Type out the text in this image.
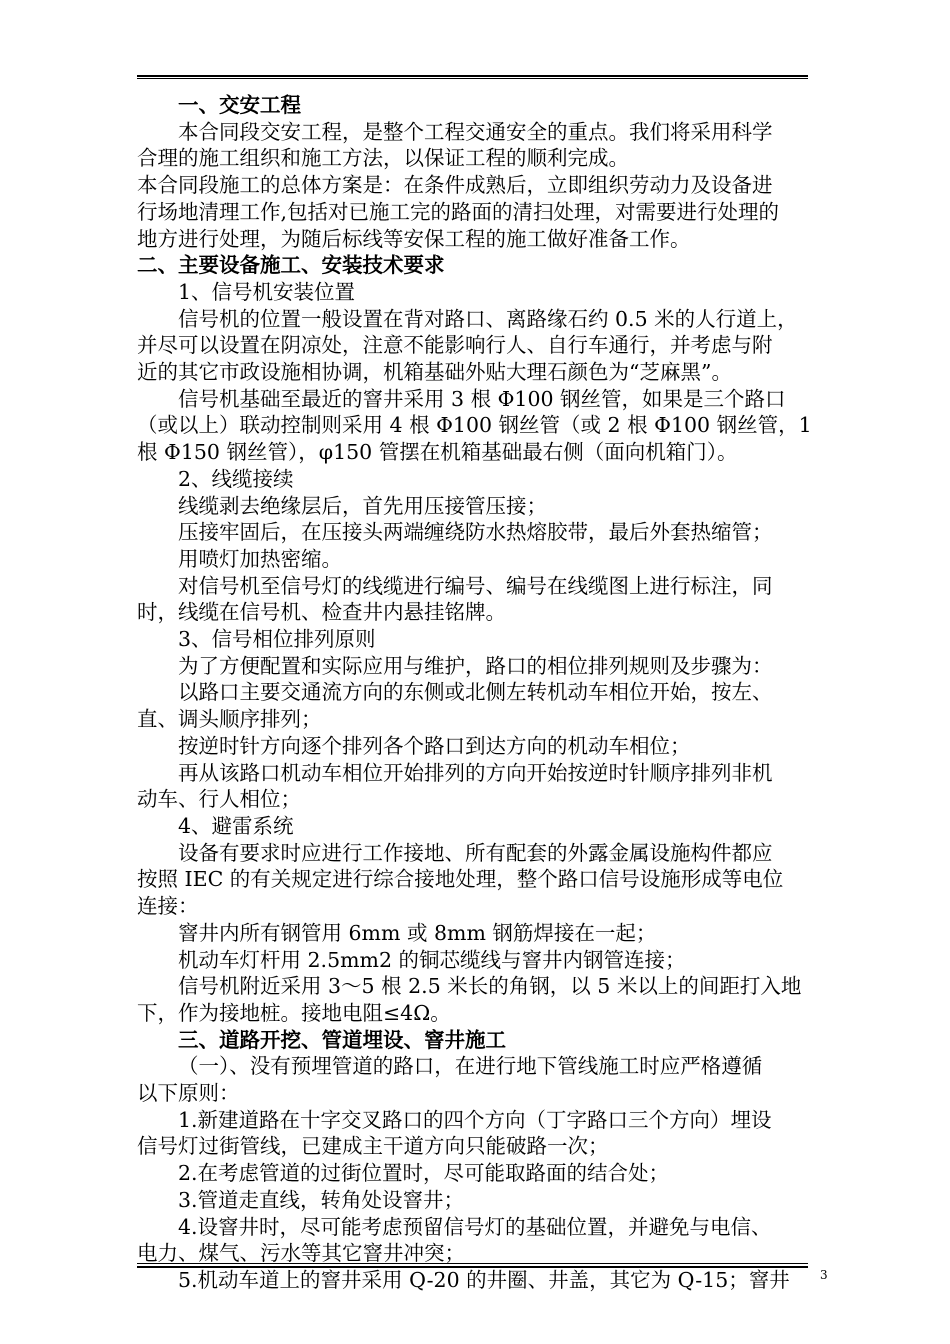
一、交安工程
本合同段交安工程，是整个工程交通安全的重点。我们将采用科学
合理的施工组织和施工方法，以保证工程的顺利完成。
本合同段施工的总体方案是：在条件成熟后，立即组织劳动力及设备进
行场地清理工作,包括对已施工完的路面的清扫处理，对需要进行处理的
地方进行处理，为随后标线等安保工程的施工做好准备工作。
二、主要设备施工、安装技术要求
1、信号机安装位置
信号机的位置一般设置在背对路口、离路缘石约 0.5 米的人行道上，
并尽可以设置在阴凉处，注意不能影响行人、自行车通行，并考虑与附
近的其它市政设施相协调，机箱基础外贴大理石颜色为“芝麻黑”。
信号机基础至最近的窨井采用 3 根 Φ100 钢丝管，如果是三个路口
（或以上）联动控制则采用 4 根 Φ100 钢丝管（或 2 根 Φ100 钢丝管，1
根 Φ150 钢丝管），φ150 管摆在机箱基础最右侧（面向机箱门）。
2、线缆接续
线缆剥去绝缘层后，首先用压接管压接；
压接牢固后，在压接头两端缠绕防水热熔胶带，最后外套热缩管；
用喷灯加热密缩。
对信号机至信号灯的线缆进行编号、编号在线缆图上进行标注，同
时，线缆在信号机、检查井内悬挂铭牌。
3、信号相位排列原则
为了方便配置和实际应用与维护，路口的相位排列规则及步骤为：
以路口主要交通流方向的东侧或北侧左转机动车相位开始，按左、
直、调头顺序排列；
按逆时针方向逐个排列各个路口到达方向的机动车相位；
再从该路口机动车相位开始排列的方向开始按逆时针顺序排列非机
动车、行人相位；
4、避雷系统
设备有要求时应进行工作接地、所有配套的外露金属设施构件都应
按照 IEC 的有关规定进行综合接地处理，整个路口信号设施形成等电位
连接：
窨井内所有钢管用 6mm 或 8mm 钢筋焊接在一起；
机动车灯杆用 2.5mm2 的铜芯缆线与窨井内钢管连接；
信号机附近采用 3～5 根 2.5 米长的角钢，以 5 米以上的间距打入地
下，作为接地桩。接地电阻≤4Ω。
三、道路开挖、管道埋设、窨井施工
（一）、没有预埋管道的路口，在进行地下管线施工时应严格遵循
以下原则：
1.新建道路在十字交叉路口的四个方向（丁字路口三个方向）埋设
信号灯过街管线，已建成主干道方向只能破路一次；
2.在考虑管道的过街位置时，尽可能取路面的结合处；
3.管道走直线，转角处设窨井；
4.设窨井时，尽可能考虑预留信号灯的基础位置，并避免与电信、
电力、煤气、污水等其它窨井冲突；
5.机动车道上的窨井采用 Q-20 的井圈、井盖，其它为 Q-15；窨井	3
